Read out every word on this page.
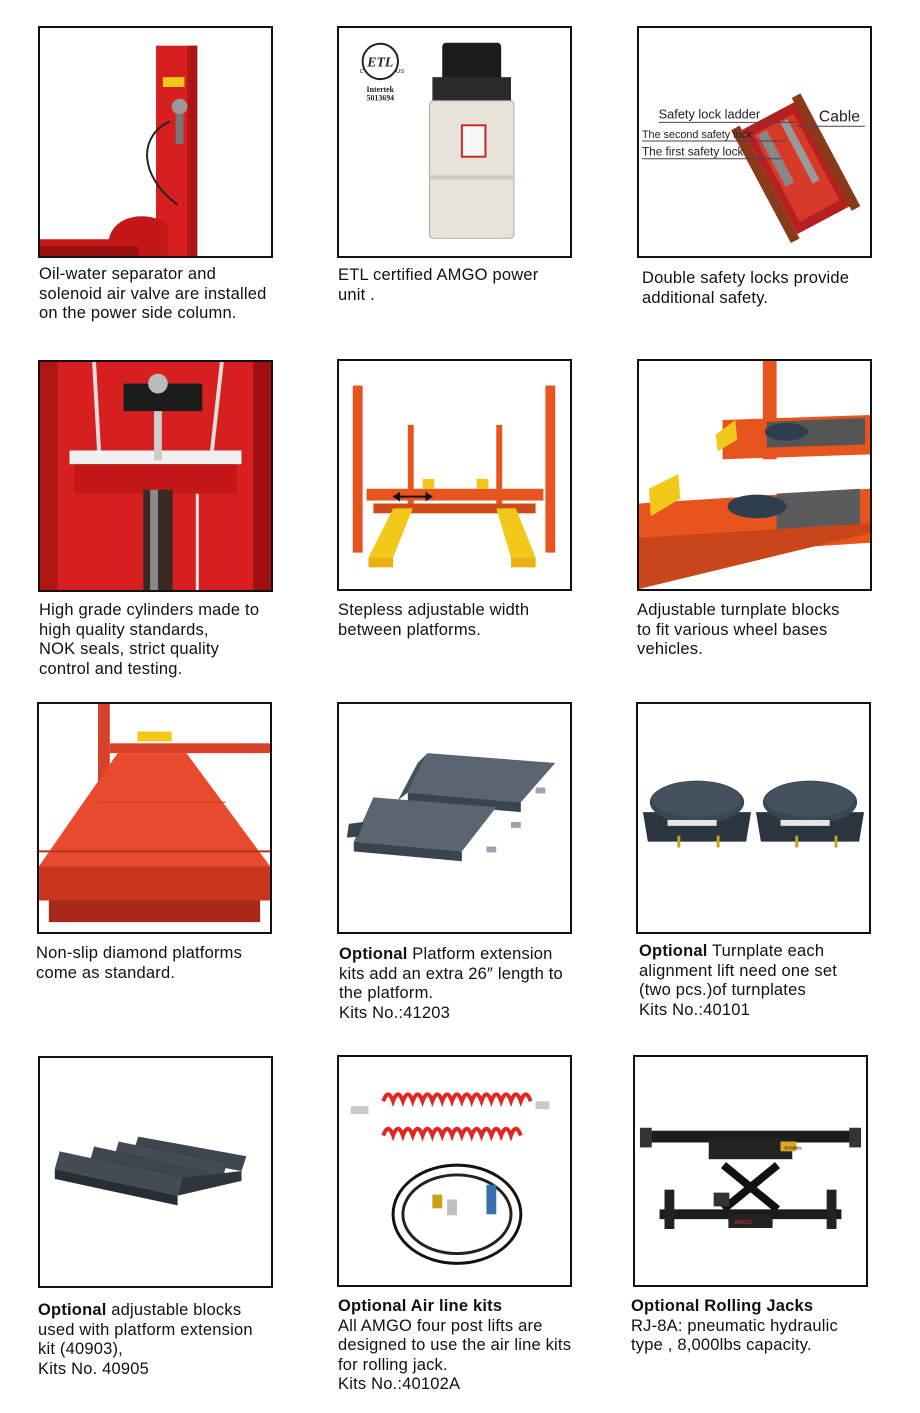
Oil-water separator and
solenoid air valve are installed
on the power side column.
ETL
C	US
Intertek
5013694
ETL certified AMGO power
unit .
Safety lock ladder	Cable
The second safety lock
The first safety lock
Double safety locks provide
additional safety.
High grade cylinders made to
high quality standards,
NOK seals, strict quality
control and testing.
Stepless adjustable width
between platforms.
Adjustable turnplate blocks
to fit various wheel bases
vehicles.
Non-slip diamond platforms
come as standard.
Optional Platform extension
kits add an extra 26″ length to
the platform.
Kits No.:41203
Optional Turnplate each
alignment lift need one set
(two pcs.)of turnplates
Kits No.:40101
Optional adjustable blocks
used with platform extension
kit (40903),
Kits No. 40905
Optional Air line kits
All AMGO four post lifts are
designed to use the air line kits
for rolling jack.
Kits No.:40102A
8000lbs
AMGO
Optional Rolling Jacks
RJ-8A: pneumatic hydraulic
type , 8,000lbs capacity.
